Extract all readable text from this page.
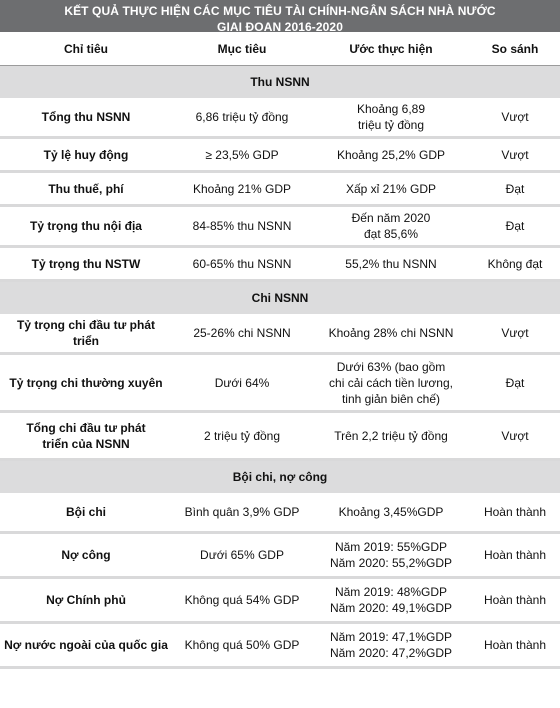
KẾT QUẢ THỰC HIỆN CÁC MỤC TIÊU TÀI CHÍNH-NGÂN SÁCH NHÀ NƯỚC
GIAI ĐOẠN 2016-2020
Chỉ tiêu	Mục tiêu	Ước thực hiện	So sánh
Thu NSNN			

Tổng thu NSNN	6,86 triệu tỷ đồng	Khoảng 6,89
triệu tỷ đồng	Vượt

Tỷ lệ huy động	≥ 23,5% GDP	Khoảng 25,2% GDP	Vượt

Thu thuế, phí	Khoảng 21% GDP	Xấp xỉ 21% GDP	Đạt

Tỷ trọng thu nội địa	84-85% thu NSNN	Đến năm 2020
đạt 85,6%	Đạt

Tỷ trọng thu NSTW	60-65% thu NSNN	55,2% thu NSNN	Không đạt
Chi NSNN			

Tỷ trọng chi đầu tư phát triển	25-26% chi NSNN	Khoảng 28% chi NSNN	Vượt

Tỷ trọng chi thường xuyên	Dưới 64%	Dưới 63% (bao gồm
chi cải cách tiền lương,
tinh giản biên chế)	Đạt

Tổng chi đầu tư phát
triển của NSNN	2 triệu tỷ đồng	Trên 2,2 triệu tỷ đồng	Vượt
Bội chi, nợ công			

Bội chi	Bình quân 3,9% GDP	Khoảng 3,45%GDP	Hoàn thành

Nợ công	Dưới 65% GDP	Năm 2019: 55%GDP
Năm 2020: 55,2%GDP	Hoàn thành

Nợ Chính phủ	Không quá 54% GDP	Năm 2019: 48%GDP
Năm 2020: 49,1%GDP	Hoàn thành

Nợ nước ngoài của quốc gia	Không quá 50% GDP	Năm 2019: 47,1%GDP
Năm 2020: 47,2%GDP	Hoàn thành
